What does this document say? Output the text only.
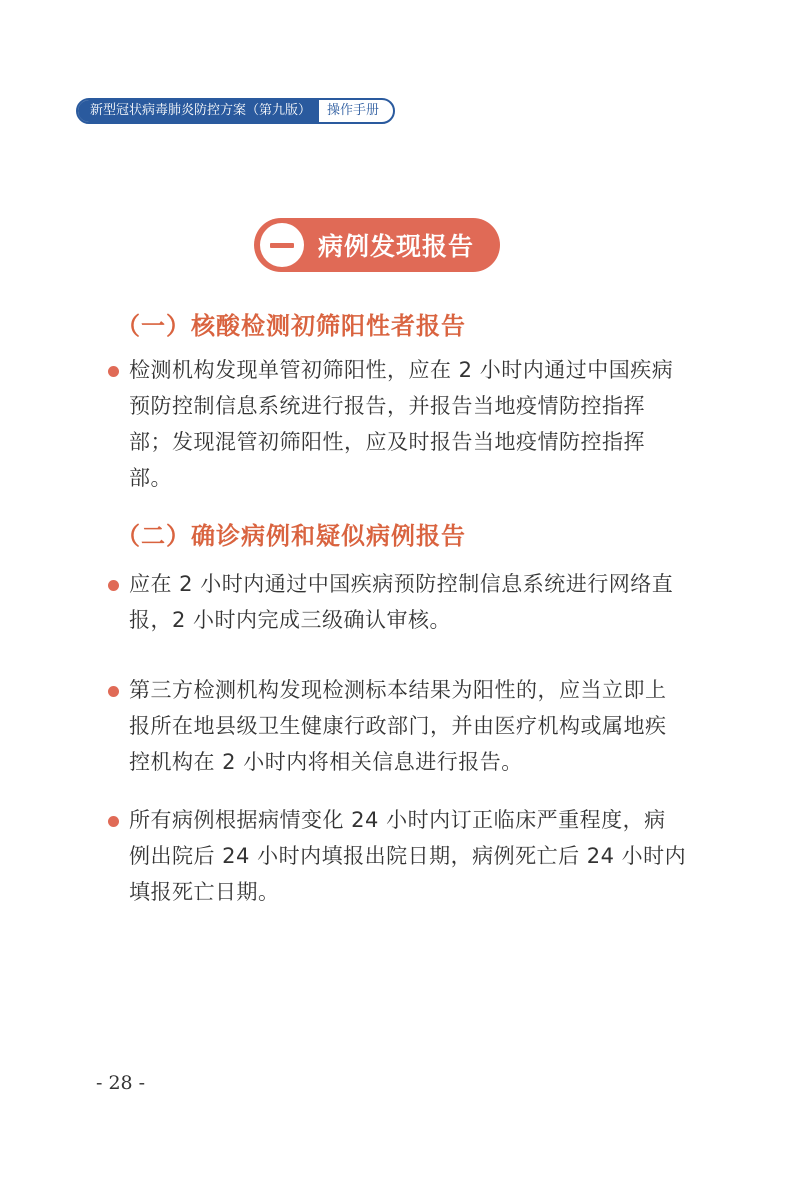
新型冠状病毒肺炎防控方案（第九版）	操作手册
病例发现报告
（一）核酸检测初筛阳性者报告
检测机构发现单管初筛阳性，应在 2 小时内通过中国疾病预防控制信息系统进行报告，并报告当地疫情防控指挥部；发现混管初筛阳性，应及时报告当地疫情防控指挥部。
（二）确诊病例和疑似病例报告
应在 2 小时内通过中国疾病预防控制信息系统进行网络直报，2 小时内完成三级确认审核。
第三方检测机构发现检测标本结果为阳性的，应当立即上报所在地县级卫生健康行政部门，并由医疗机构或属地疾控机构在 2 小时内将相关信息进行报告。
所有病例根据病情变化 24 小时内订正临床严重程度，病例出院后 24 小时内填报出院日期，病例死亡后 24 小时内填报死亡日期。
- 28 -
